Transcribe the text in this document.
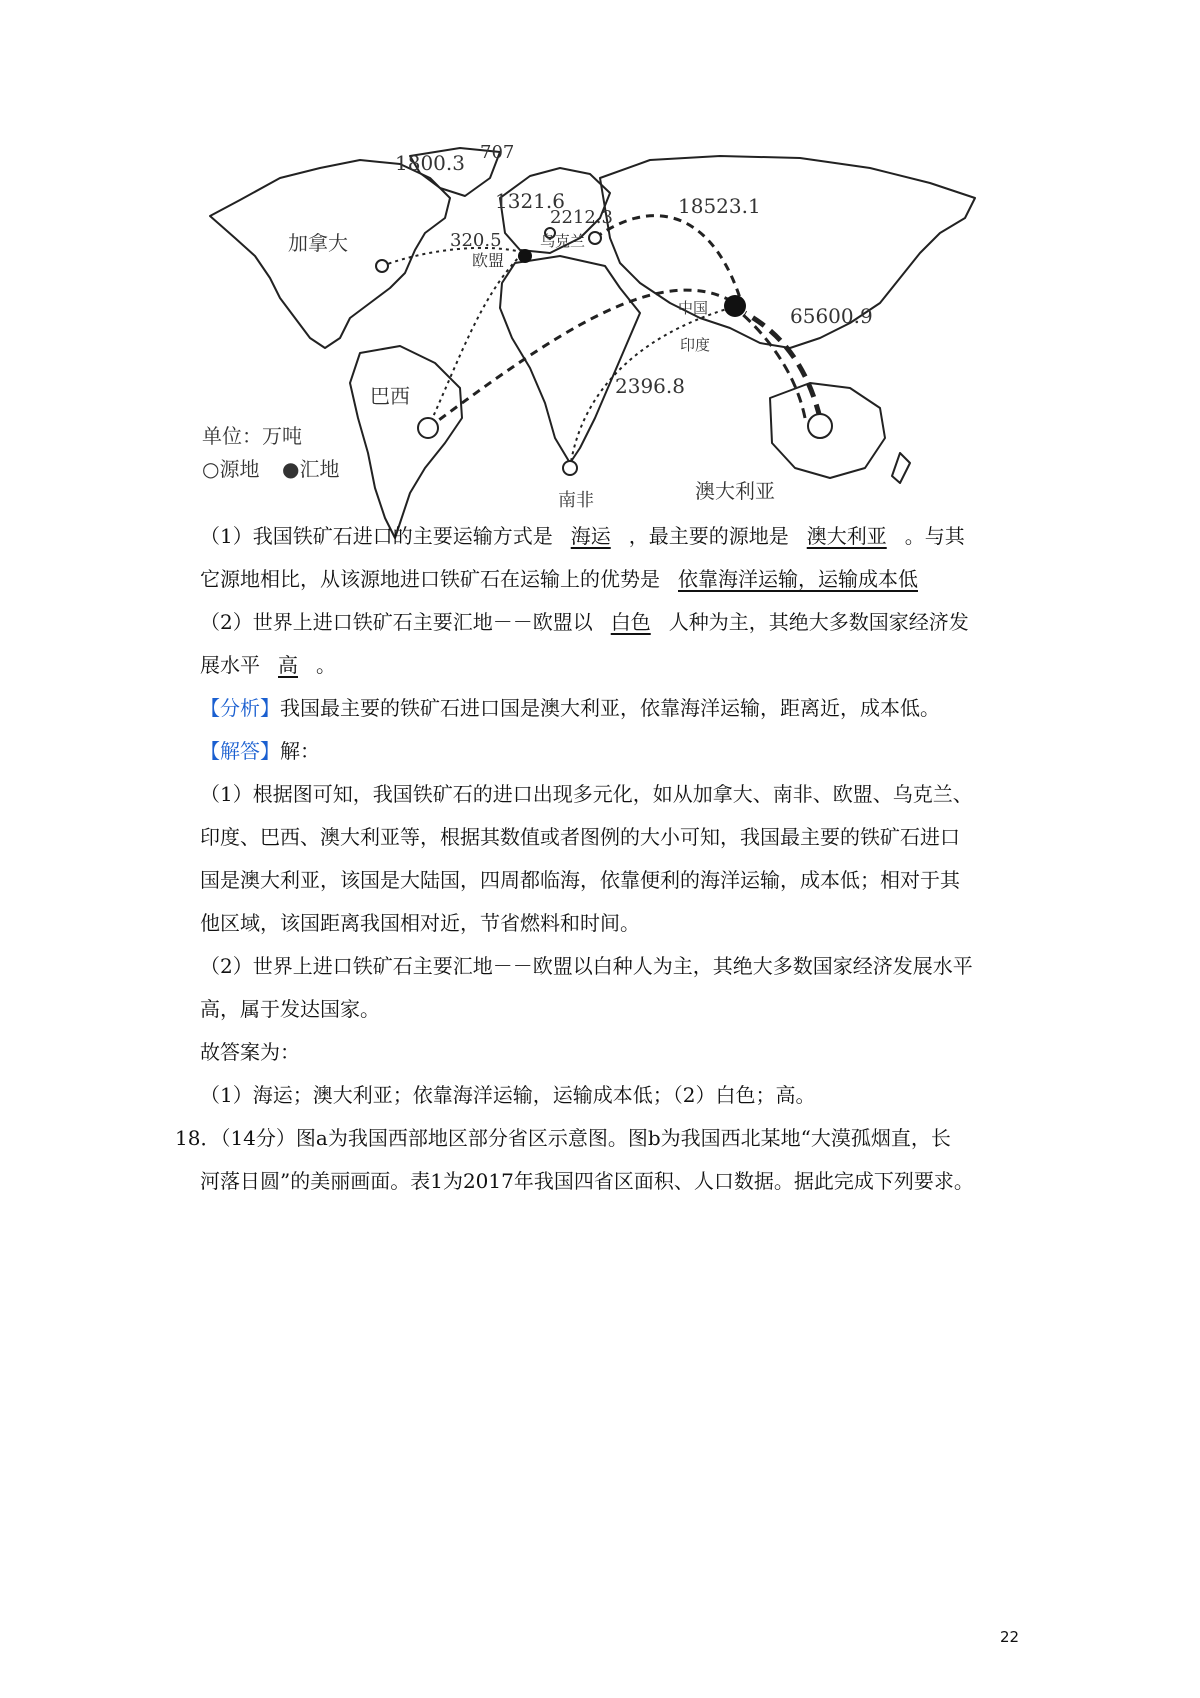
加拿大
欧盟
乌克兰
中国
印度
巴西
南非	澳大利亚
1800.3 707
1321.6	18523.1
320.5
2212.3
65600.9
2396.8
单位：万吨
○源地 ●汇地
（1）我国铁矿石进口的主要运输方式是 海运 ，最主要的源地是 澳大利亚 。与其
它源地相比，从该源地进口铁矿石在运输上的优势是 依靠海洋运输，运输成本低
（2）世界上进口铁矿石主要汇地－－欧盟以 白色 人种为主，其绝大多数国家经济发
展水平 高 。
【分析】我国最主要的铁矿石进口国是澳大利亚，依靠海洋运输，距离近，成本低。
【解答】解：
（1）根据图可知，我国铁矿石的进口出现多元化，如从加拿大、南非、欧盟、乌克兰、
印度、巴西、澳大利亚等，根据其数值或者图例的大小可知，我国最主要的铁矿石进口
国是澳大利亚，该国是大陆国，四周都临海，依靠便利的海洋运输，成本低；相对于其
他区域，该国距离我国相对近，节省燃料和时间。
（2）世界上进口铁矿石主要汇地－－欧盟以白种人为主，其绝大多数国家经济发展水平
高，属于发达国家。
故答案为：
（1）海运；澳大利亚；依靠海洋运输，运输成本低；（2）白色；高。
18．（14分）图a为我国西部地区部分省区示意图。图b为我国西北某地“大漠孤烟直，长
河落日圆”的美丽画面。表1为2017年我国四省区面积、人口数据。据此完成下列要求。
22
